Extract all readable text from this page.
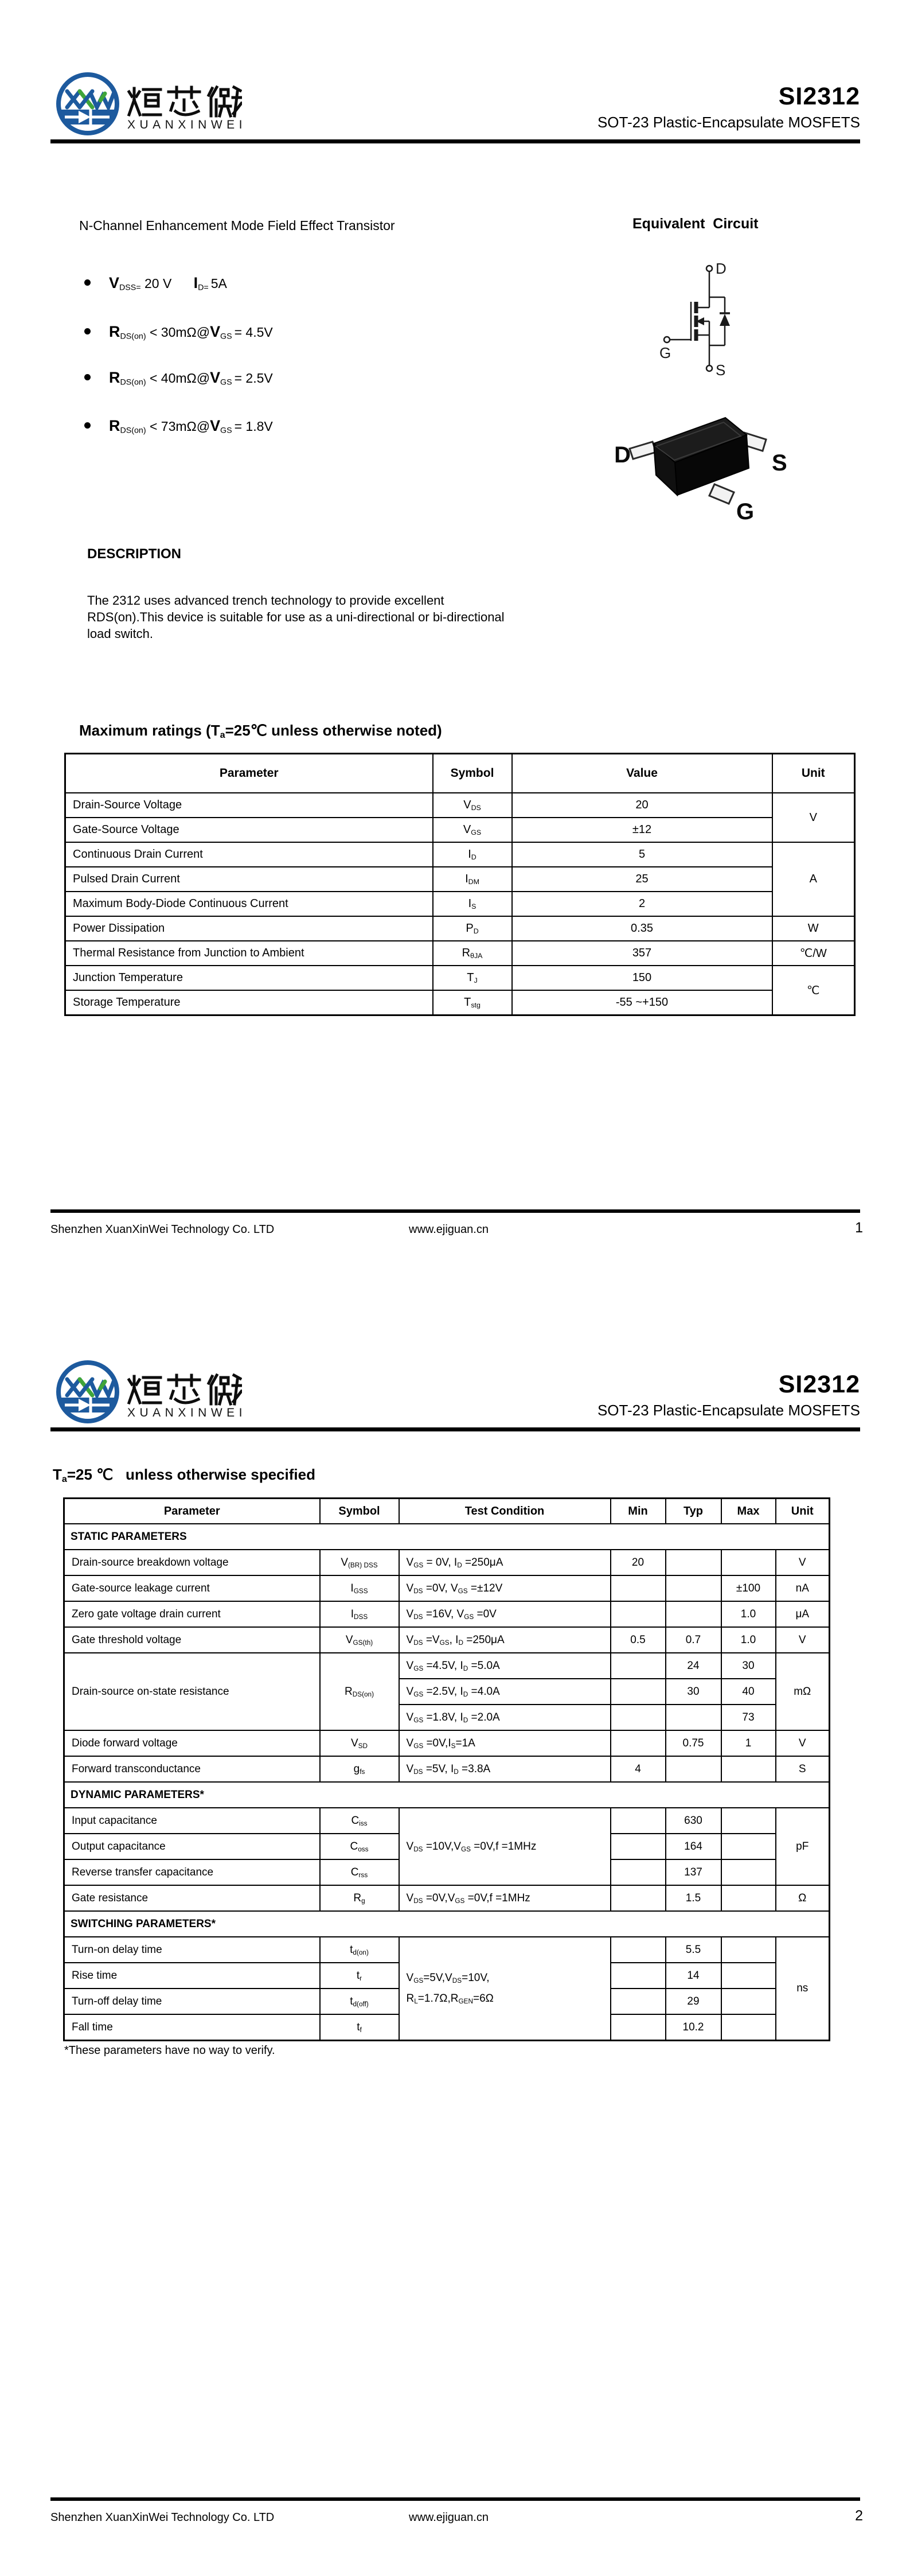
XUANXINWEI
SI2312
SOT-23 Plastic-Encapsulate MOSFETS
N-Channel Enhancement Mode Field Effect Transistor	Equivalent  Circuit
VDSS= 20 V      ID= 5A
RDS(on) < 30mΩ@VGS = 4.5V
RDS(on) < 40mΩ@VGS = 2.5V
RDS(on) < 73mΩ@VGS = 1.8V
D
G
S
D	S
G
DESCRIPTION
The 2312 uses advanced trench technology to provide excellent
RDS(on).This device is suitable for use as a uni-directional or bi-directional
load switch.
Maximum ratings (Ta=25℃ unless otherwise noted)
Parameter	Symbol	Value	Unit
Drain-Source Voltage	VDS	20	V
Gate-Source Voltage	VGS	±12	
Continuous Drain Current	ID	5	A
Pulsed Drain Current	IDM	25	
Maximum Body-Diode Continuous Current	IS	2	
Power Dissipation	PD	0.35	W
Thermal Resistance from Junction to Ambient	RθJA	357	℃/W
Junction Temperature	TJ	150	℃
Storage Temperature	Tstg	-55 ~+150	
Shenzhen XuanXinWei Technology Co. LTD	www.ejiguan.cn	1
XUANXINWEI
SI2312
SOT-23 Plastic-Encapsulate MOSFETS
Ta=25 ℃   unless otherwise specified
Parameter	Symbol	Test Condition	Min	Typ	Max	Unit
STATIC PARAMETERS						
Drain-source breakdown voltage	V(BR) DSS	VGS = 0V, ID =250μA	20			V
Gate-source leakage current	IGSS	VDS =0V, VGS =±12V			±100	nA
Zero gate voltage drain current	IDSS	VDS =16V, VGS =0V			1.0	μA
Gate threshold voltage	VGS(th)	VDS =VGS, ID =250μA	0.5	0.7	1.0	V
Drain-source on-state resistance	RDS(on)	VGS =4.5V, ID =5.0A		24	30	mΩ
		VGS =2.5V, ID =4.0A		30	40	
		VGS =1.8V, ID =2.0A			73	
Diode forward voltage	VSD	VGS =0V,IS=1A		0.75	1	V
Forward transconductance	gfs	VDS =5V, ID =3.8A	4			S
DYNAMIC PARAMETERS*						
Input capacitance	Ciss	VDS =10V,VGS =0V,f =1MHz		630		pF
Output capacitance	Coss			164		
Reverse transfer capacitance	Crss			137		
Gate resistance	Rg	VDS =0V,VGS =0V,f =1MHz		1.5		Ω
SWITCHING PARAMETERS*						
Turn-on delay time	td(on)	VGS=5V,VDS=10V,
RL=1.7Ω,RGEN=6Ω		5.5		ns
Rise time	tr			14		
Turn-off delay time	td(off)			29		
Fall time	tf			10.2		
*These parameters have no way to verify.
Shenzhen XuanXinWei Technology Co. LTD	www.ejiguan.cn	2
